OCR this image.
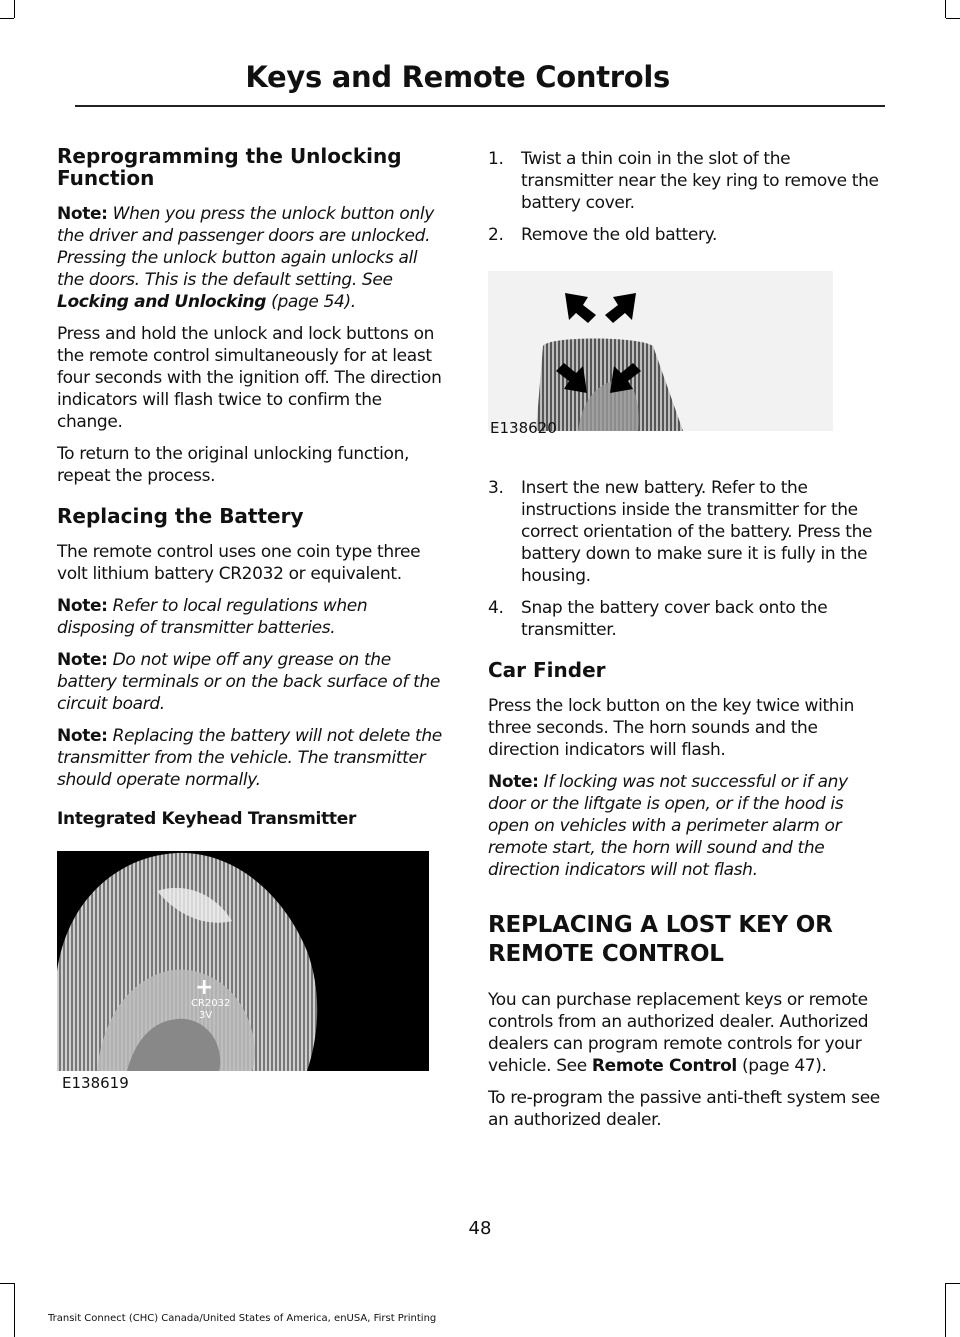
Keys and Remote Controls
Reprogramming the Unlocking Function

Note: When you press the unlock button only the driver and passenger doors are unlocked. Pressing the unlock button again unlocks all the doors. This is the default setting. See Locking and Unlocking (page 54).

Press and hold the unlock and lock buttons on the remote control simultaneously for at least four seconds with the ignition off. The direction indicators will flash twice to confirm the change.

To return to the original unlocking function, repeat the process.

Replacing the Battery

The remote control uses one coin type three volt lithium battery CR2032 or equivalent.

Note: Refer to local regulations when disposing of transmitter batteries.

Note: Do not wipe off any grease on the battery terminals or on the back surface of the circuit board.

Note: Replacing the battery will not delete the transmitter from the vehicle. The transmitter should operate normally.

Integrated Keyhead Transmitter
+
CR2032
3V
E138619
1. Twist a thin coin in the slot of the transmitter near the key ring to remove the battery cover.
2. Remove the old battery.
E138620
3. Insert the new battery. Refer to the instructions inside the transmitter for the correct orientation of the battery. Press the battery down to make sure it is fully in the housing.
4. Snap the battery cover back onto the transmitter.
Car Finder

Press the lock button on the key twice within three seconds. The horn sounds and the direction indicators will flash.

Note: If locking was not successful or if any door or the liftgate is open, or if the hood is open on vehicles with a perimeter alarm or remote start, the horn will sound and the direction indicators will not flash.

REPLACING A LOST KEY OR REMOTE CONTROL

You can purchase replacement keys or remote controls from an authorized dealer. Authorized dealers can program remote controls for your vehicle. See Remote Control (page 47).

To re-program the passive anti-theft system see an authorized dealer.

48
Transit Connect (CHC) Canada/United States of America, enUSA, First Printing
